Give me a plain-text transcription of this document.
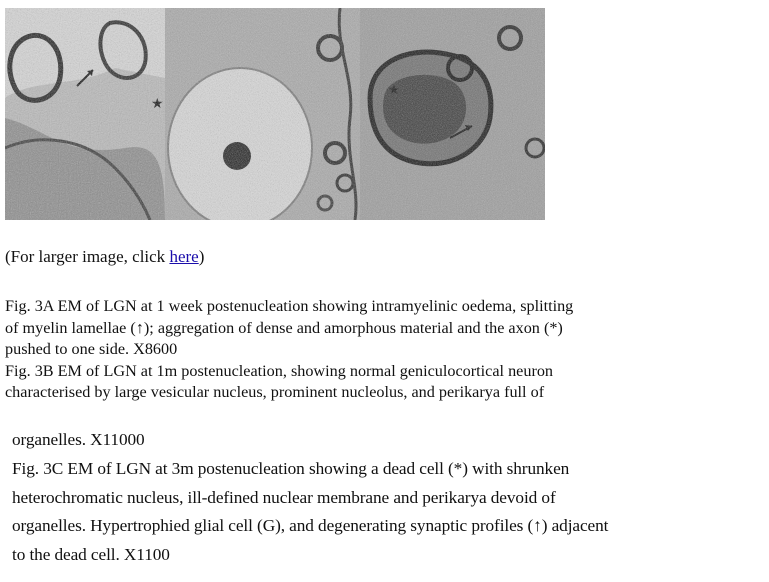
(For larger image, click here)
Fig. 3A EM of LGN at 1 week postenucleation showing intramyelinic oedema, splitting
of myelin lamellae (↑); aggregation of dense and amorphous material and the axon (*)
pushed to one side. X8600
Fig. 3B EM of LGN at 1m postenucleation, showing normal geniculocortical neuron
characterised by large vesicular nucleus, prominent nucleolus, and perikarya full of
organelles. X11000
Fig. 3C EM of LGN at 3m postenucleation showing a dead cell (*) with shrunken
heterochromatic nucleus, ill-defined nuclear membrane and perikarya devoid of
organelles. Hypertrophied glial cell (G), and degenerating synaptic profiles (↑) adjacent
to the dead cell. X1100
